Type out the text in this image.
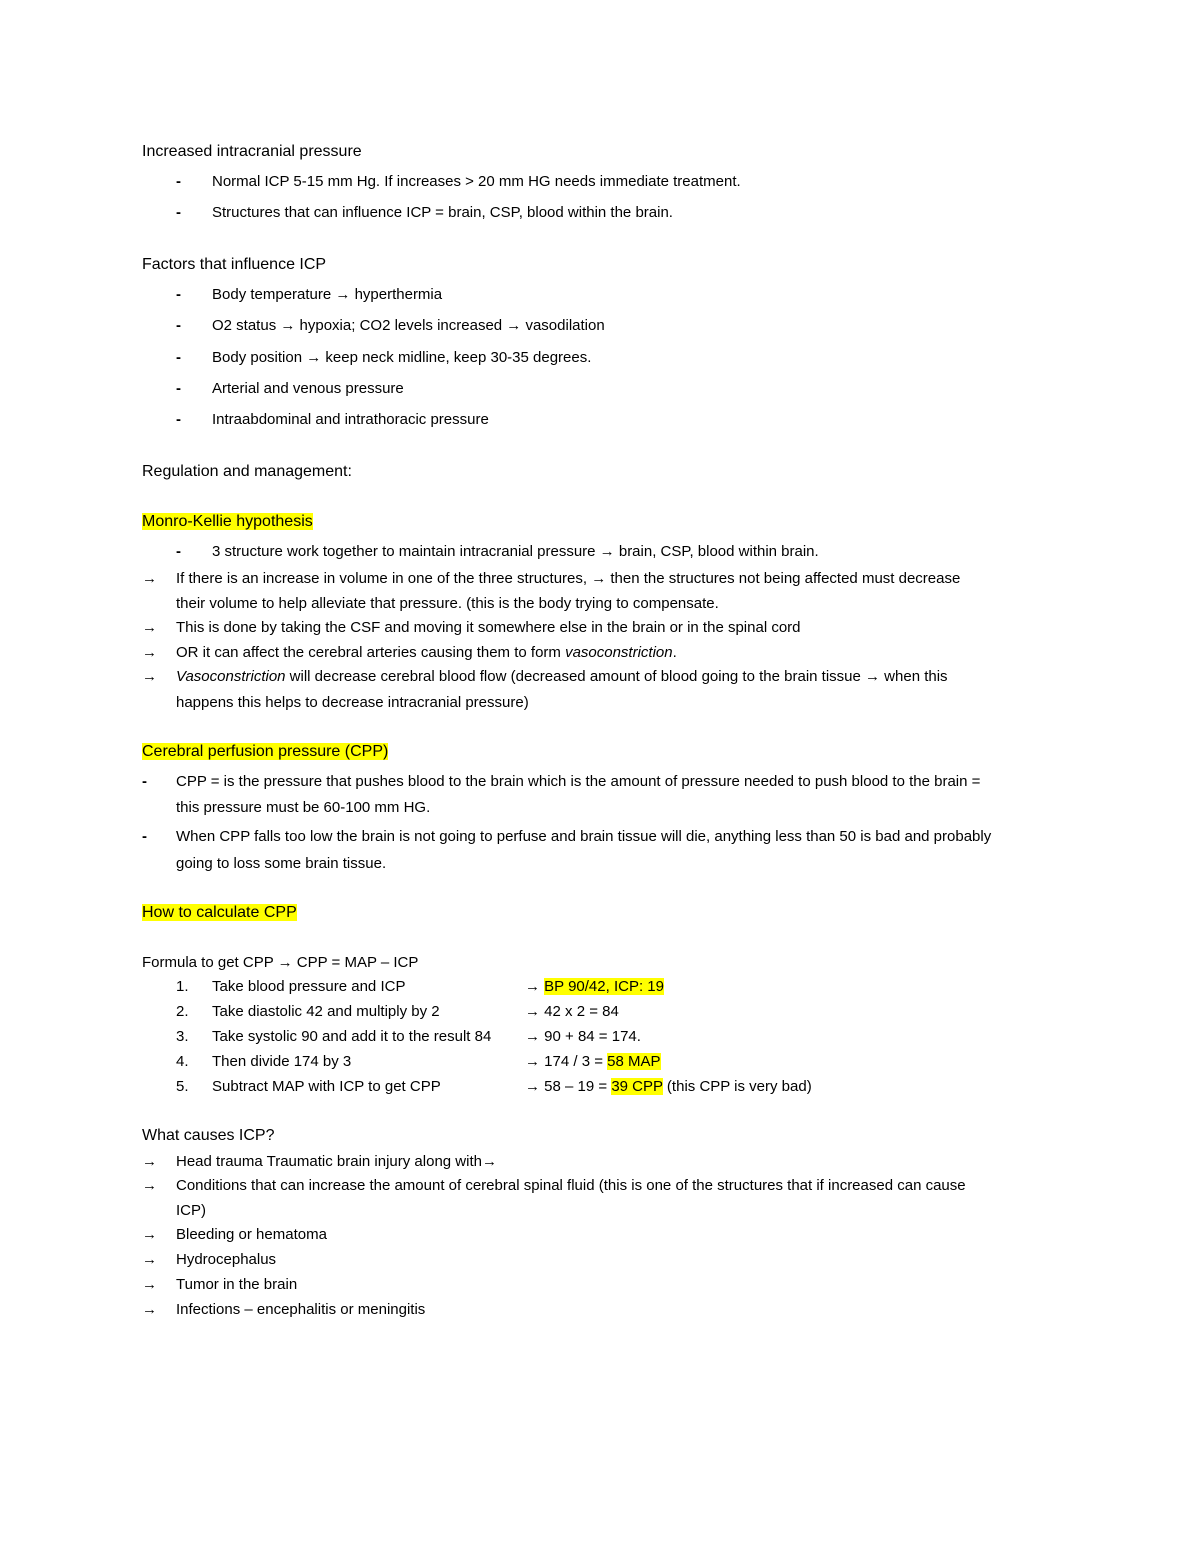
Increased intracranial pressure
- Normal ICP 5-15 mm Hg. If increases > 20 mm HG needs immediate treatment.
- Structures that can influence ICP = brain, CSP, blood within the brain.
Factors that influence ICP
- Body temperature → hyperthermia
- O2 status → hypoxia; CO2 levels increased → vasodilation
- Body position → keep neck midline, keep 30-35 degrees.
- Arterial and venous pressure
- Intraabdominal and intrathoracic pressure
Regulation and management:
Monro-Kellie hypothesis
- 3 structure work together to maintain intracranial pressure → brain, CSP, blood within brain.
→ If there is an increase in volume in one of the three structures, → then the structures not being affected must decrease
their volume to help alleviate that pressure. (this is the body trying to compensate.
→ This is done by taking the CSF and moving it somewhere else in the brain or in the spinal cord
→ OR it can affect the cerebral arteries causing them to form vasoconstriction.
→ Vasoconstriction will decrease cerebral blood flow (decreased amount of blood going to the brain tissue → when this
happens this helps to decrease intracranial pressure)
Cerebral perfusion pressure (CPP)
- CPP = is the pressure that pushes blood to the brain which is the amount of pressure needed to push blood to the brain =
this pressure must be 60-100 mm HG.
- When CPP falls too low the brain is not going to perfuse and brain tissue will die, anything less than 50 is bad and probably
going to loss some brain tissue.
How to calculate CPP
Formula to get CPP → CPP = MAP – ICP
1. Take blood pressure and ICP
2. Take diastolic 42 and multiply by 2
3. Take systolic 90 and add it to the result 84
4. Then divide 174 by 3
5. Subtract MAP with ICP to get CPP
→ BP 90/42, ICP: 19
→ 42 x 2 = 84
→ 90 + 84 = 174.
→ 174 / 3 = 58 MAP
→ 58 – 19 = 39 CPP (this CPP is very bad)
What causes ICP?
→ Head trauma Traumatic brain injury along with→
→ Conditions that can increase the amount of cerebral spinal fluid (this is one of the structures that if increased can cause
ICP)
→ Bleeding or hematoma
→ Hydrocephalus
→ Tumor in the brain
→ Infections – encephalitis or meningitis
